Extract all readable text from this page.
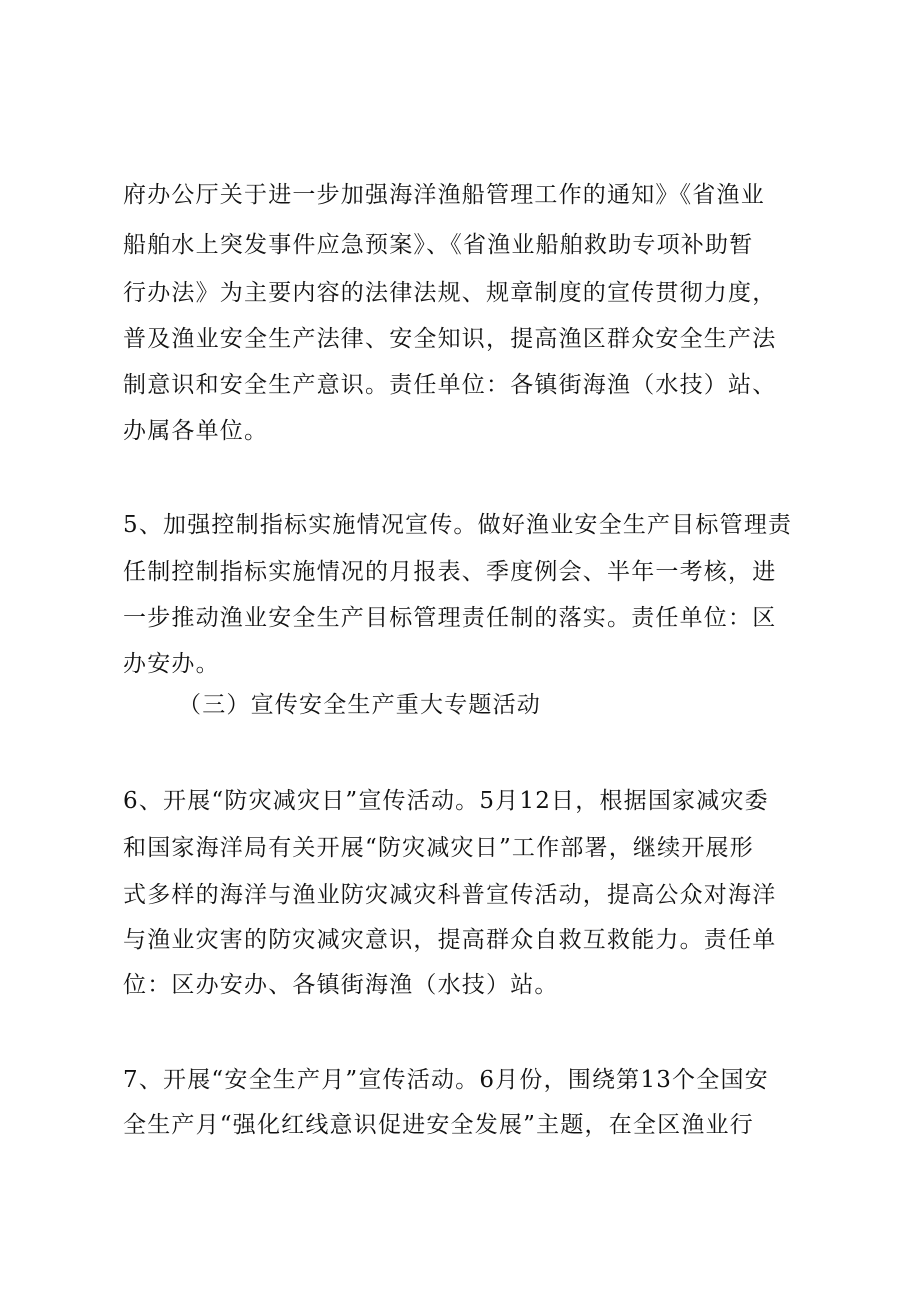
府办公厅关于进一步加强海洋渔船管理工作的通知》《省渔业
船舶水上突发事件应急预案》、《省渔业船舶救助专项补助暂
行办法》为主要内容的法律法规、规章制度的宣传贯彻力度，
普及渔业安全生产法律、安全知识，提高渔区群众安全生产法
制意识和安全生产意识。责任单位：各镇街海渔（水技）站、
办属各单位。
5、加强控制指标实施情况宣传。做好渔业安全生产目标管理责
任制控制指标实施情况的月报表、季度例会、半年一考核，进
一步推动渔业安全生产目标管理责任制的落实。责任单位：区
办安办。
（三）宣传安全生产重大专题活动
6、开展“防灾减灾日”宣传活动。5月12日，根据国家减灾委
和国家海洋局有关开展“防灾减灾日”工作部署，继续开展形
式多样的海洋与渔业防灾减灾科普宣传活动，提高公众对海洋
与渔业灾害的防灾减灾意识，提高群众自救互救能力。责任单
位：区办安办、各镇街海渔（水技）站。
7、开展“安全生产月”宣传活动。6月份，围绕第13个全国安
全生产月“强化红线意识促进安全发展”主题，在全区渔业行
